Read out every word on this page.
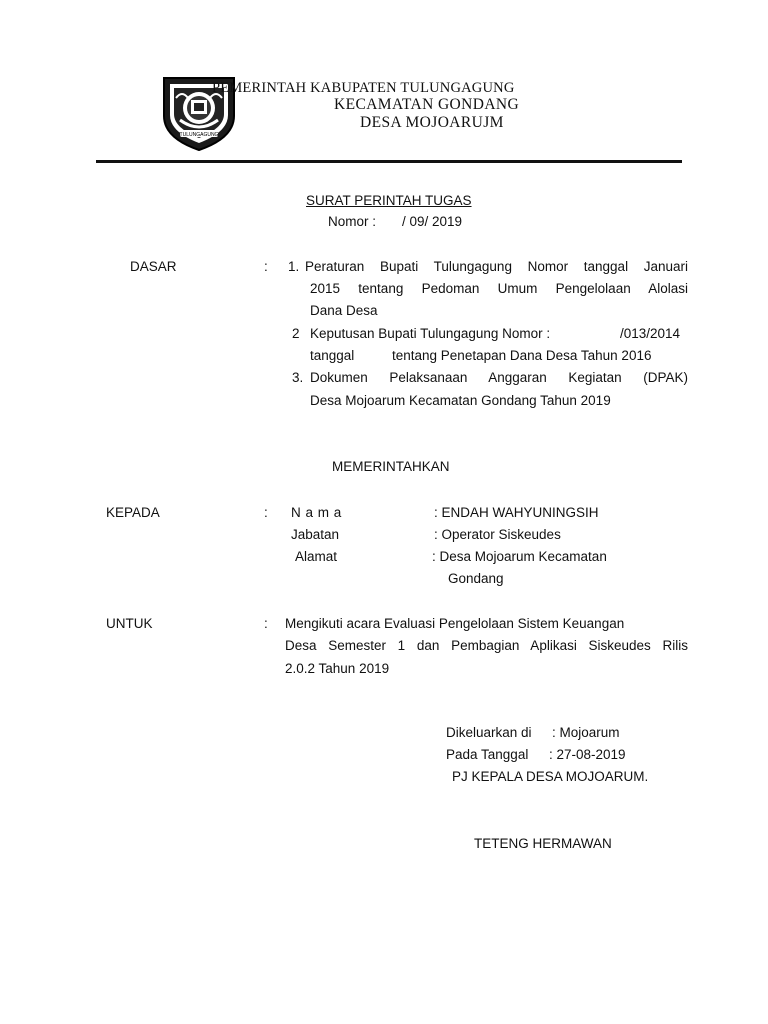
TULUNGAGUNG
PEMERINTAH KABUPATEN TULUNGAGUNG
KECAMATAN GONDANG
DESA MOJOARUJM
SURAT PERINTAH TUGAS
Nomor : / 09/ 2019
DASAR	: 1. Peraturan Bupati Tulungagung Nomor tanggal Januari
2015 tentang Pedoman Umum Pengelolaan Alolasi
Dana Desa
2 Keputusan Bupati Tulungagung Nomor :	/013/2014
tanggal	tentang Penetapan Dana Desa Tahun 2016
3. Dokumen Pelaksanaan Anggaran Kegiatan (DPAK)
Desa Mojoarum Kecamatan Gondang Tahun 2019
MEMERINTAHKAN
KEPADA	: N a m a	: ENDAH WAHYUNINGSIH
Jabatan	: Operator Siskeudes
Alamat	: Desa Mojoarum Kecamatan
Gondang
UNTUK	: Mengikuti acara Evaluasi Pengelolaan Sistem Keuangan
Desa Semester 1 dan Pembagian Aplikasi Siskeudes Rilis
2.0.2 Tahun 2019
Dikeluarkan di : Mojoarum
Pada Tanggal : 27-08-2019
PJ KEPALA DESA MOJOARUM.
TETENG HERMAWAN
